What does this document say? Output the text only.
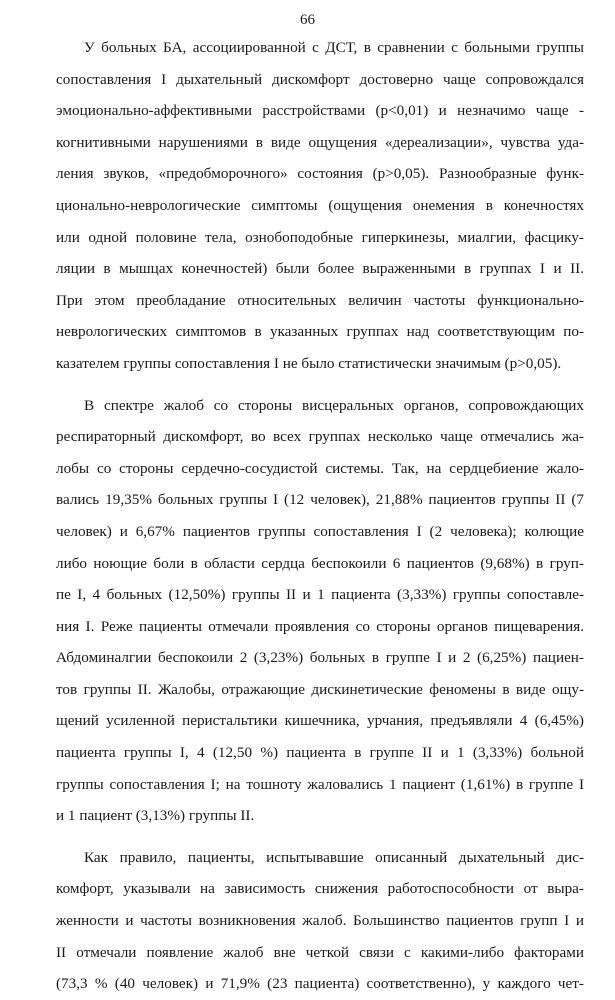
66
У больных БА, ассоциированной с ДСТ, в сравнении с больными группы
сопоставления I дыхательный дискомфорт достоверно чаще сопровождался
эмоционально-аффективными расстройствами (р<0,01) и незначимо чаще -
когнитивными нарушениями в виде ощущения «дереализации», чувства уда-
ления звуков, «предобморочного» состояния (р>0,05). Разнообразные функ-
ционально-неврологические симптомы (ощущения онемения в конечностях
или одной половине тела, ознобоподобные гиперкинезы, миалгии, фасцику-
ляции в мышцах конечностей) были более выраженными в группах I и II.
При этом преобладание относительных величин частоты функционально-
неврологических симптомов в указанных группах над соответствующим по-
казателем группы сопоставления I не было статистически значимым (р>0,05).
В спектре жалоб со стороны висцеральных органов, сопровождающих
респираторный дискомфорт, во всех группах несколько чаще отмечались жа-
лобы со стороны сердечно-сосудистой системы. Так, на сердцебиение жало-
вались 19,35% больных группы I (12 человек), 21,88% пациентов группы II (7
человек) и 6,67% пациентов группы сопоставления I (2 человека); колющие
либо ноющие боли в области сердца беспокоили 6 пациентов (9,68%) в груп-
пе I, 4 больных (12,50%) группы II и 1 пациента (3,33%) группы сопоставле-
ния I. Реже пациенты отмечали проявления со стороны органов пищеварения.
Абдоминалгии беспокоили 2 (3,23%) больных в группе I и 2 (6,25%) пациен-
тов группы II. Жалобы, отражающие дискинетические феномены в виде ощу-
щений усиленной перистальтики кишечника, урчания, предъявляли 4 (6,45%)
пациента группы I, 4 (12,50 %) пациента в группе II и 1 (3,33%) больной
группы сопоставления I; на тошноту жаловались 1 пациент (1,61%) в группе I
и 1 пациент (3,13%) группы II.
Как правило, пациенты, испытывавшие описанный дыхательный дис-
комфорт, указывали на зависимость снижения работоспособности от выра-
женности и частоты возникновения жалоб. Большинство пациентов групп I и
II отмечали появление жалоб вне четкой связи с какими-либо факторами
(73,3 % (40 человек) и 71,9% (23 пациента) соответственно), у каждого чет-
